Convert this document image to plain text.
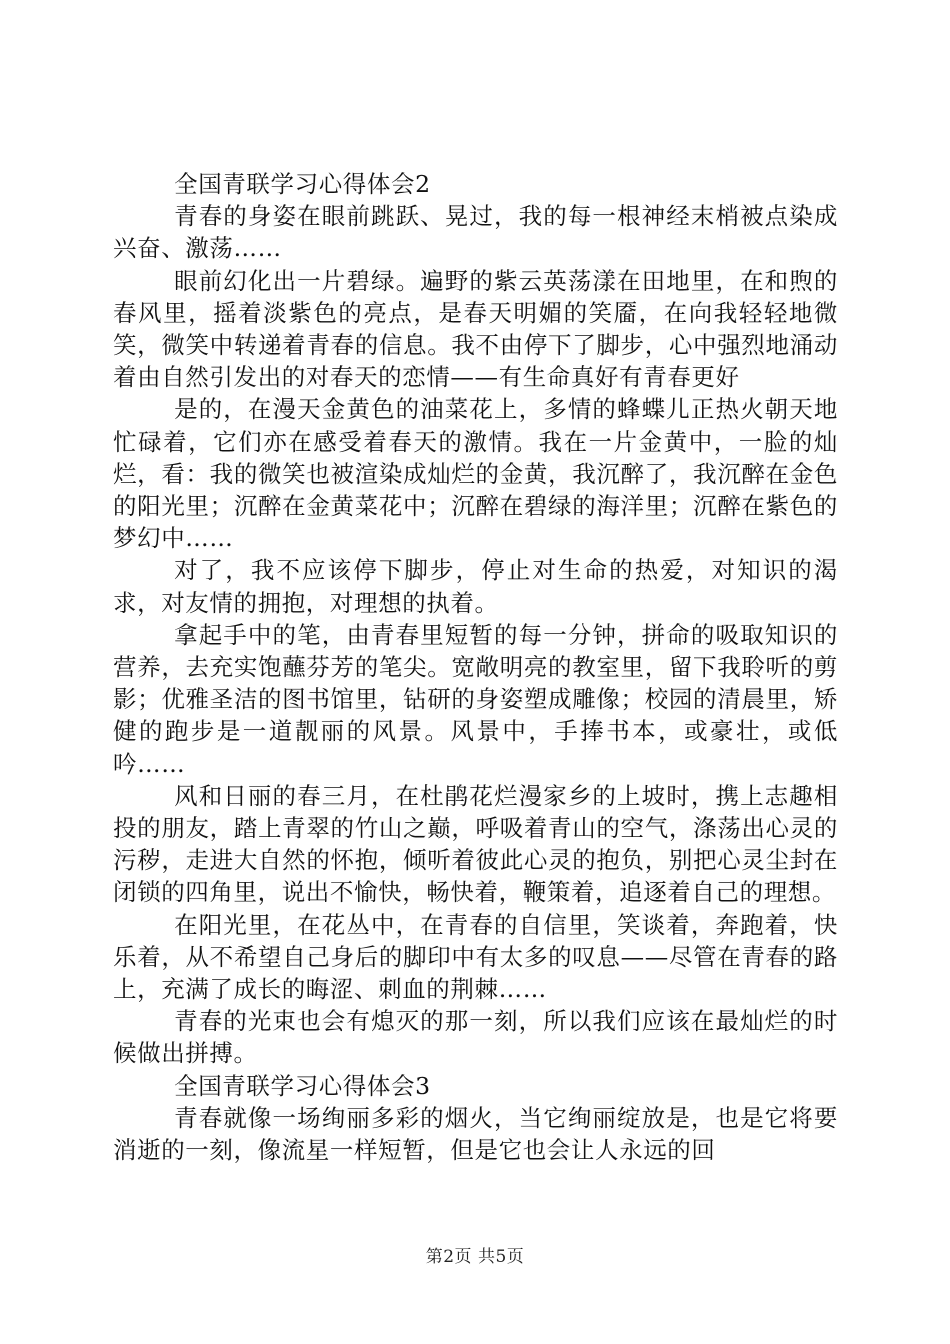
全国青联学习心得体会2

青春的身姿在眼前跳跃、晃过，我的每一根神经末梢被点染成兴奋、激荡……

眼前幻化出一片碧绿。遍野的紫云英荡漾在田地里，在和煦的春风里，摇着淡紫色的亮点，是春天明媚的笑靥，在向我轻轻地微笑，微笑中转递着青春的信息。我不由停下了脚步，心中强烈地涌动着由自然引发出的对春天的恋情——有生命真好有青春更好

是的，在漫天金黄色的油菜花上，多情的蜂蝶儿正热火朝天地忙碌着，它们亦在感受着春天的激情。我在一片金黄中，一脸的灿烂，看：我的微笑也被渲染成灿烂的金黄，我沉醉了，我沉醉在金色的阳光里；沉醉在金黄菜花中；沉醉在碧绿的海洋里；沉醉在紫色的梦幻中……

对了，我不应该停下脚步，停止对生命的热爱，对知识的渴求，对友情的拥抱，对理想的执着。

拿起手中的笔，由青春里短暂的每一分钟，拼命的吸取知识的营养，去充实饱蘸芬芳的笔尖。宽敞明亮的教室里，留下我聆听的剪影；优雅圣洁的图书馆里，钻研的身姿塑成雕像；校园的清晨里，矫健的跑步是一道靓丽的风景。风景中，手捧书本，或豪壮，或低吟……

风和日丽的春三月，在杜鹃花烂漫家乡的上坡时，携上志趣相投的朋友，踏上青翠的竹山之巅，呼吸着青山的空气，涤荡出心灵的污秽，走进大自然的怀抱，倾听着彼此心灵的抱负，别把心灵尘封在闭锁的四角里，说出不愉快，畅快着，鞭策着，追逐着自己的理想。

在阳光里，在花丛中，在青春的自信里，笑谈着，奔跑着，快乐着，从不希望自己身后的脚印中有太多的叹息——尽管在青春的路上，充满了成长的晦涩、刺血的荆棘……

青春的光束也会有熄灭的那一刻，所以我们应该在最灿烂的时候做出拼搏。

全国青联学习心得体会3

青春就像一场绚丽多彩的烟火，当它绚丽绽放是，也是它将要消逝的一刻，像流星一样短暂，但是它也会让人永远的回

第2页 共5页
